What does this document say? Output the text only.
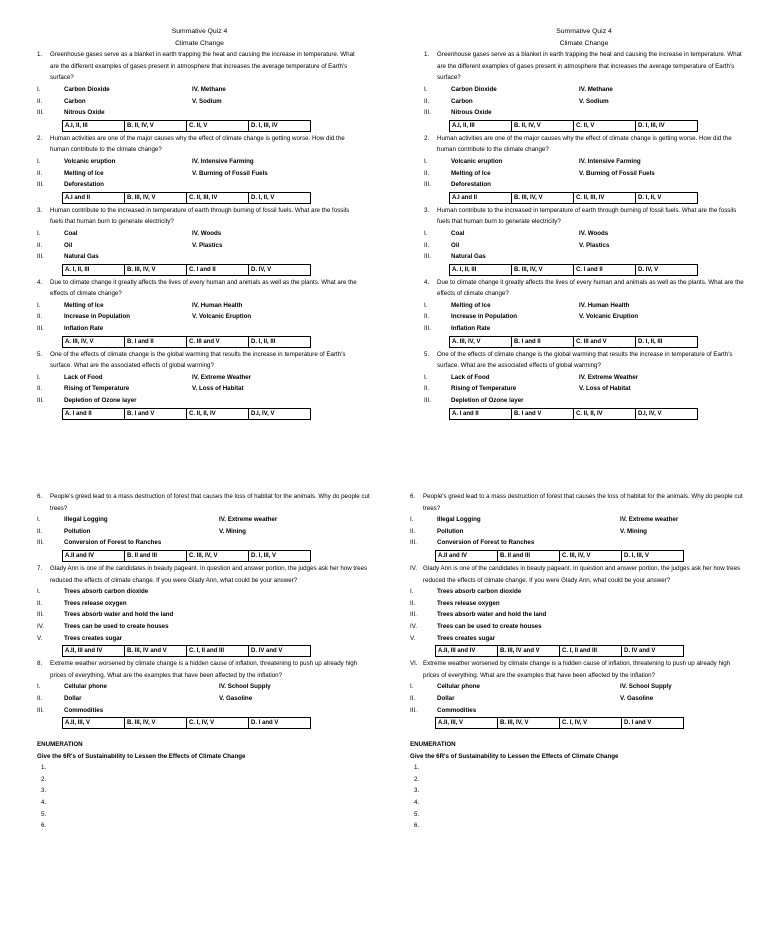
Summative Quiz 4
Climate Change
1.	Greenhouse gases serve as a blanket in earth trapping the heat and causing the increase in temperature. What are the different examples of gases present in atmosphere that increases the average temperature of Earth's surface?
I.	Carbon Dioxide	IV. Methane
II.	Carbon	V. Sodium
III.	Nitrous Oxide
A.I, II, III	B. II, IV, V	C. II, V	D. I, III, IV
2.	Human activities are one of the major causes why the effect of climate change is getting worse. How did the human contribute to the climate change?
I.	Volcanic eruption	IV. Intensive Farming
II.	Melting of Ice	V. Burning of Fossil Fuels
III.	Deforestation
A.I and II	B. III, IV, V	C. II, III, IV	D. I, II, V
3.	Human contribute to the increased in temperature of earth through burning of fossil fuels. What are the fossils fuels that human burn to generate electricity?
I.	Coal	IV. Woods
II.	Oil	V. Plastics
III.	Natural Gas
A. I, II, III	B. III, IV, V	C. I and II	D. IV, V
4.	Due to climate change it greatly affects the lives of every human and animals as well as the plants. What are the effects of climate change?
I.	Melting of Ice	IV. Human Health
II.	Increase in Population	V. Volcanic Eruption
III.	Inflation Rate
A. III, IV, V	B. I and II	C. III and V	D. I, II, III
5.	One of the effects of climate change is the global warming that results the increase in temperature of Earth's surface. What are the associated effects of global warming?
I.	Lack of Food	IV. Extreme Weather
II.	Rising of Temperature	V. Loss of Habitat
III.	Depletion of Ozone layer
A. I and II	B. I and V	C. II, II, IV	D.I, IV, V
Summative Quiz 4
Climate Change
1.	Greenhouse gases serve as a blanket in earth trapping the heat and causing the increase in temperature. What are the different examples of gases present in atmosphere that increases the average temperature of Earth's surface?
I.	Carbon Dioxide	IV. Methane
II.	Carbon	V. Sodium
III.	Nitrous Oxide
A.I, II, III	B. II, IV, V	C. II, V	D. I, III, IV
2.	Human activities are one of the major causes why the effect of climate change is getting worse. How did the human contribute to the climate change?
I.	Volcanic eruption	IV. Intensive Farming
II.	Melting of Ice	V. Burning of Fossil Fuels
III.	Deforestation
A.I and II	B. III, IV, V	C. II, III, IV	D. I, II, V
3.	Human contribute to the increased in temperature of earth through burning of fossil fuels. What are the fossils fuels that human burn to generate electricity?
I.	Coal	IV. Woods
II.	Oil	V. Plastics
III.	Natural Gas
A. I, II, III	B. III, IV, V	C. I and II	D. IV, V
4.	Due to climate change it greatly affects the lives of every human and animals as well as the plants. What are the effects of climate change?
I.	Melting of Ice	IV. Human Health
II.	Increase in Population	V. Volcanic Eruption
III.	Inflation Rate
A. III, IV, V	B. I and II	C. III and V	D. I, II, III
5.	One of the effects of climate change is the global warming that results the increase in temperature of Earth's surface. What are the associated effects of global warming?
I.	Lack of Food	IV. Extreme Weather
II.	Rising of Temperature	V. Loss of Habitat
III.	Depletion of Ozone layer
A. I and II	B. I and V	C. II, II, IV	D.I, IV, V
6.	People's greed lead to a mass destruction of forest that causes the loss of habitat for the animals. Why do people cut trees?
I.	Illegal Logging	IV. Extreme weather
II.	Pollution	V. Mining
III.	Conversion of Forest to Ranches
A.II and IV	B. II and III	C. III, IV, V	D. I, III, V
7.	Glady Ann is one of the candidates in beauty pageant. In question and answer portion, the judges ask her how trees reduced the effects of climate change. If you were Glady Ann, what could be your answer?
I.	Trees absorb carbon dioxide
II.	Trees release oxygen
III.	Trees absorb water and hold the land
IV.	Trees can be used to create houses
V.	Trees creates sugar
A.II, III and IV	B. III, IV and V	C. I, II and III	D. IV and V
8.	Extreme weather worsened by climate change is a hidden cause of inflation, threatening to push up already high prices of everything. What are the examples that have been affected by the inflation?
I.	Cellular phone	IV. School Supply
II.	Dollar	V. Gasoline
III.	Commodities
A.II, III, V	B. III, IV, V	C. I, IV, V	D. I and V
ENUMERATION
Give the 6R's of Sustainability to Lessen the Effects of Climate Change
1.
2.
3.
4.
5.
6.
6.	People's greed lead to a mass destruction of forest that causes the loss of habitat for the animals. Why do people cut trees?
I.	Illegal Logging	IV. Extreme weather
II.	Pollution	V. Mining
III.	Conversion of Forest to Ranches
A.II and IV	B. II and III	C. III, IV, V	D. I, III, V
IV. Glady Ann is one of the candidates in beauty pageant. In question and answer portion, the judges ask her how trees reduced the effects of climate change. If you were Glady Ann, what could be your answer?
I.	Trees absorb carbon dioxide
II.	Trees release oxygen
III.	Trees absorb water and hold the land
IV.	Trees can be used to create houses
V.	Trees creates sugar
A.II, III and IV	B. III, IV and V	C. I, II and III	D. IV and V
VI. Extreme weather worsened by climate change is a hidden cause of inflation, threatening to push up already high prices of everything. What are the examples that have been affected by the inflation?
I.	Cellular phone	IV. School Supply
II.	Dollar	V. Gasoline
III.	Commodities
A.II, III, V	B. III, IV, V	C. I, IV, V	D. I and V
ENUMERATION
Give the 6R's of Sustainability to Lessen the Effects of Climate Change
1.
2.
3.
4.
5.
6.
